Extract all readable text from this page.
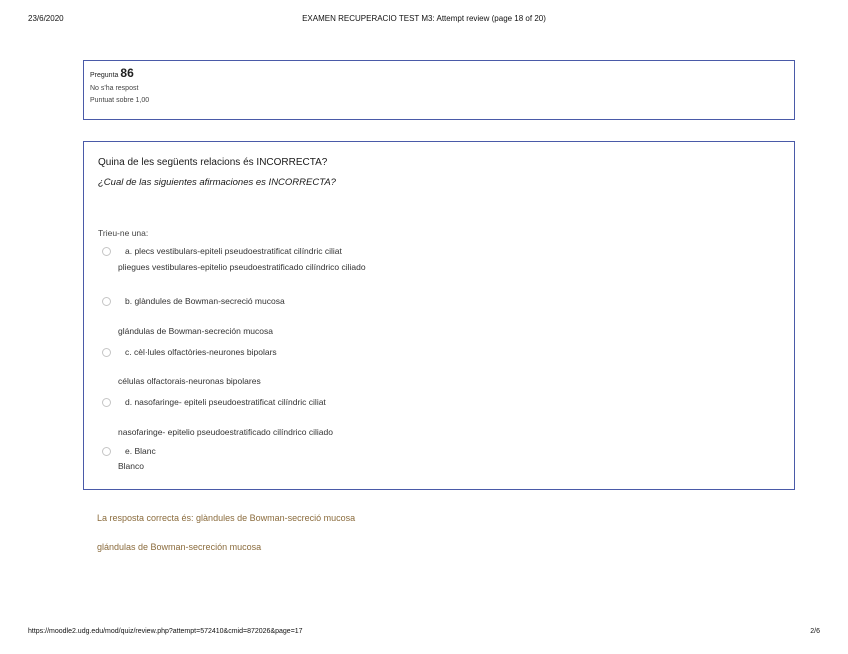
23/6/2020	EXAMEN RECUPERACIO TEST M3: Attempt review (page 18 of 20)
Pregunta 86
No s'ha respost
Puntuat sobre 1,00
Quina de les següents relacions és INCORRECTA?
¿Cual de las siguientes afirmaciones es INCORRECTA?
Trieu-ne una:
a. plecs vestibulars-epiteli pseudoestratificat cilíndric ciliat
pliegues vestibulares-epitelio pseudoestratificado cilíndrico ciliado
b. glàndules de Bowman-secreció mucosa
glándulas de Bowman-secreción mucosa
c. cèl·lules olfactòries-neurones bipolars
células olfactorais-neuronas bipolares
d. nasofaringe- epiteli pseudoestratificat cilíndric ciliat
nasofaringe- epitelio pseudoestratificado cilíndrico ciliado
e. Blanc
Blanco
La resposta correcta és: glàndules de Bowman-secreció mucosa
glándulas de Bowman-secreción mucosa
https://moodle2.udg.edu/mod/quiz/review.php?attempt=572410&cmid=872026&page=17	2/6
